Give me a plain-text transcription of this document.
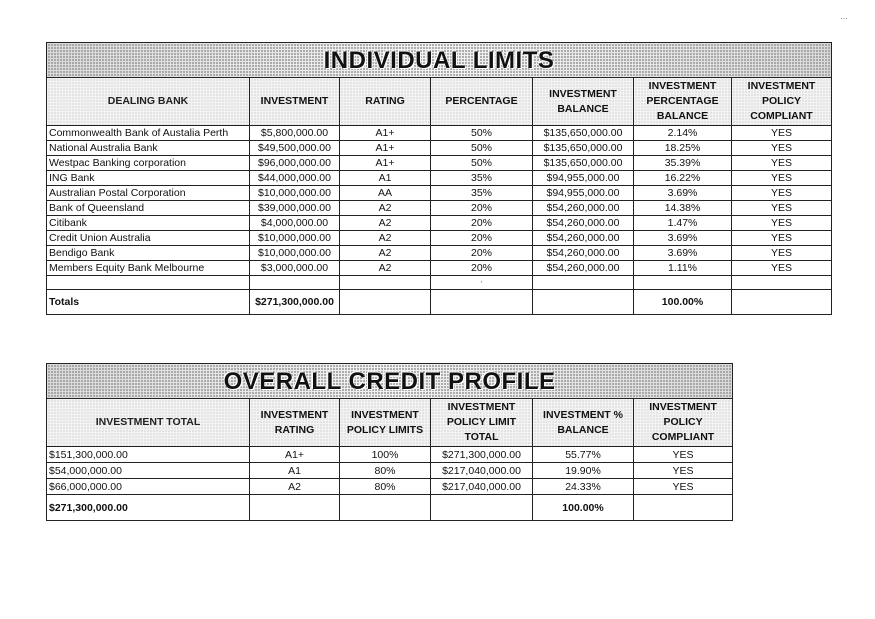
…
INDIVIDUAL LIMITS						
DEALING BANK	INVESTMENT	RATING	PERCENTAGE	INVESTMENT BALANCE	INVESTMENT PERCENTAGE BALANCE	INVESTMENT POLICY COMPLIANT
Commonwealth Bank of Austalia Perth	$5,800,000.00	A1+	50%	$135,650,000.00	2.14%	YES
National Australia Bank	$49,500,000.00	A1+	50%	$135,650,000.00	18.25%	YES
Westpac Banking corporation	$96,000,000.00	A1+	50%	$135,650,000.00	35.39%	YES
ING Bank	$44,000,000.00	A1	35%	$94,955,000.00	16.22%	YES
Australian Postal Corporation	$10,000,000.00	AA	35%	$94,955,000.00	3.69%	YES
Bank of Queensland	$39,000,000.00	A2	20%	$54,260,000.00	14.38%	YES
Citibank	$4,000,000.00	A2	20%	$54,260,000.00	1.47%	YES
Credit Union Australia	$10,000,000.00	A2	20%	$54,260,000.00	3.69%	YES
Bendigo Bank	$10,000,000.00	A2	20%	$54,260,000.00	3.69%	YES
Members Equity Bank Melbourne	$3,000,000.00	A2	20%	$54,260,000.00	1.11%	YES
			’			
Totals	$271,300,000.00				100.00%	
OVERALL CREDIT PROFILE					
INVESTMENT TOTAL	INVESTMENT RATING	INVESTMENT POLICY LIMITS	INVESTMENT POLICY LIMIT TOTAL	INVESTMENT % BALANCE	INVESTMENT POLICY COMPLIANT
$151,300,000.00	A1+	100%	$271,300,000.00	55.77%	YES
$54,000,000.00	A1	80%	$217,040,000.00	19.90%	YES
$66,000,000.00	A2	80%	$217,040,000.00	24.33%	YES
$271,300,000.00				100.00%	
